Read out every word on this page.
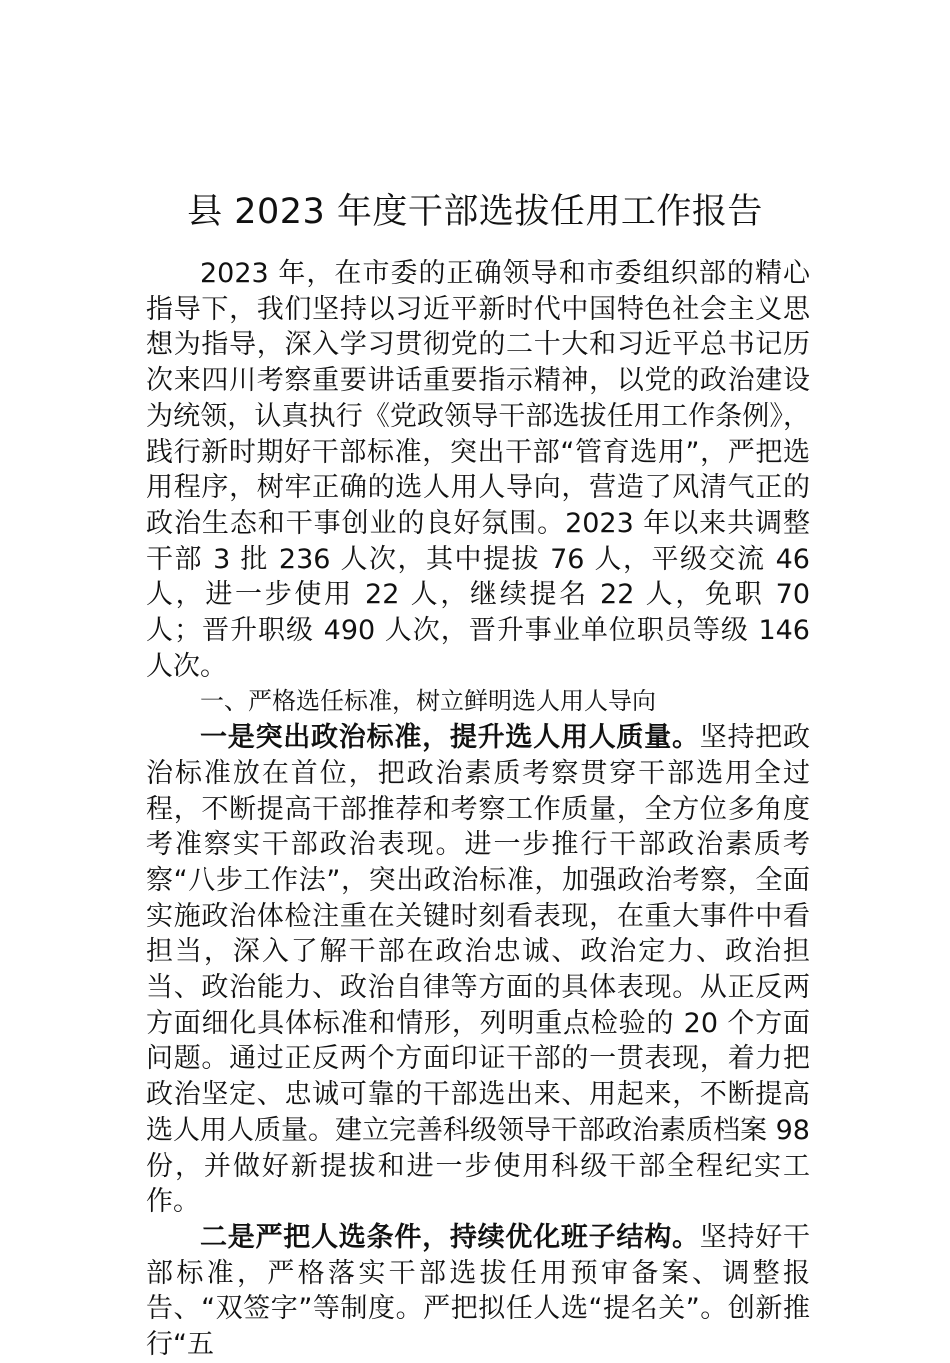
县 2023 年度干部选拔任用工作报告

2023 年，在市委的正确领导和市委组织部的精心指导下，我们坚持以习近平新时代中国特色社会主义思想为指导，深入学习贯彻党的二十大和习近平总书记历次来四川考察重要讲话重要指示精神，以党的政治建设为统领，认真执行《党政领导干部选拔任用工作条例》，践行新时期好干部标准，突出干部“管育选用”，严把选用程序，树牢正确的选人用人导向，营造了风清气正的政治生态和干事创业的良好氛围。2023 年以来共调整干部 3 批 236 人次，其中提拔 76 人，平级交流 46 人，进一步使用 22 人，继续提名 22 人，免职 70 人；晋升职级 490 人次，晋升事业单位职员等级 146 人次。

一、严格选任标准，树立鲜明选人用人导向

一是突出政治标准，提升选人用人质量。坚持把政治标准放在首位，把政治素质考察贯穿干部选用全过程，不断提高干部推荐和考察工作质量，全方位多角度考准察实干部政治表现。进一步推行干部政治素质考察“八步工作法”，突出政治标准，加强政治考察，全面实施政治体检注重在关键时刻看表现，在重大事件中看担当，深入了解干部在政治忠诚、政治定力、政治担当、政治能力、政治自律等方面的具体表现。从正反两方面细化具体标准和情形，列明重点检验的 20 个方面问题。通过正反两个方面印证干部的一贯表现，着力把政治坚定、忠诚可靠的干部选出来、用起来，不断提高选人用人质量。建立完善科级领导干部政治素质档案 98 份，并做好新提拔和进一步使用科级干部全程纪实工作。

二是严把人选条件，持续优化班子结构。坚持好干部标准，严格落实干部选拔任用预审备案、调整报告、“双签字”等制度。严把拟任人选“提名关”。创新推行“五
